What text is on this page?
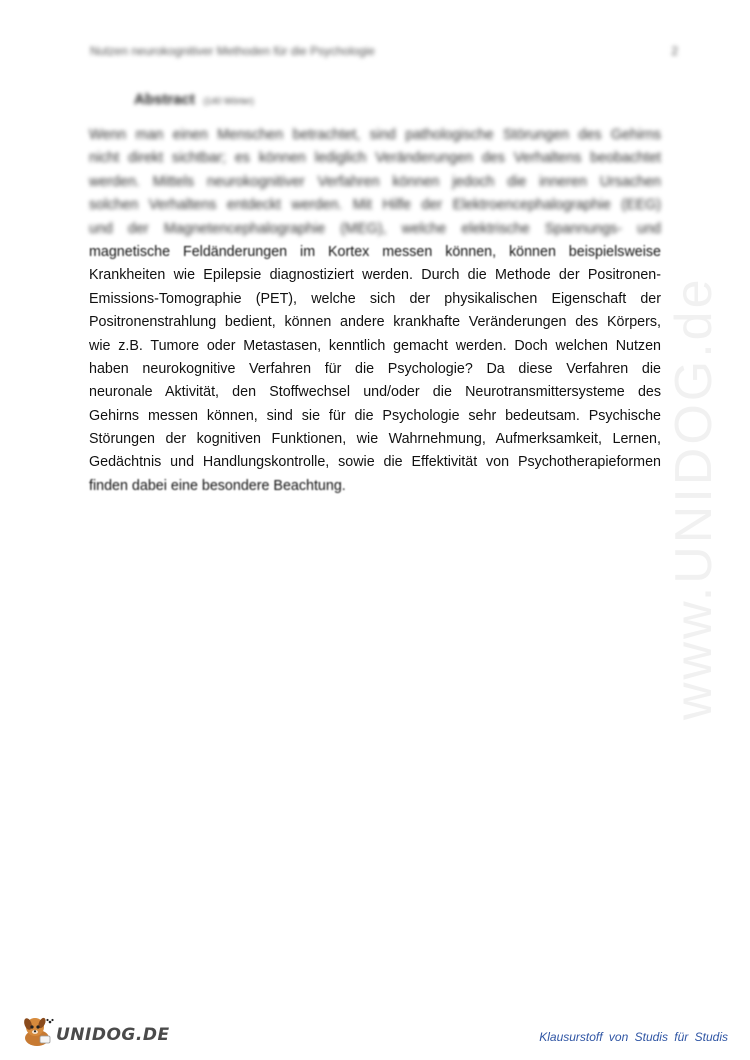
Nutzen neurokognitiver Methoden für die Psychologie	2
Abstract (140 Wörter)
Wenn man einen Menschen betrachtet, sind pathologische Störungen des Gehirns
nicht direkt sichtbar; es können lediglich Veränderungen des Verhaltens beobachtet
werden. Mittels neurokognitiver Verfahren können jedoch die inneren Ursachen
solchen Verhaltens entdeckt werden. Mit Hilfe der Elektroencephalographie (EEG)
und der Magnetencephalographie (MEG), welche elektrische Spannungs- und
magnetische Feldänderungen im Kortex messen können, können beispielsweise
Krankheiten wie Epilepsie diagnostiziert werden. Durch die Methode der Positronen-
Emissions-Tomographie (PET), welche sich der physikalischen Eigenschaft der
Positronenstrahlung bedient, können andere krankhafte Veränderungen des Körpers,
wie z.B. Tumore oder Metastasen, kenntlich gemacht werden. Doch welchen Nutzen
haben neurokognitive Verfahren für die Psychologie? Da diese Verfahren die
neuronale Aktivität, den Stoffwechsel und/oder die Neurotransmittersysteme des
Gehirns messen können, sind sie für die Psychologie sehr bedeutsam. Psychische
Störungen der kognitiven Funktionen, wie Wahrnehmung, Aufmerksamkeit, Lernen,
Gedächtnis und Handlungskontrolle, sowie die Effektivität von Psychotherapieformen
finden dabei eine besondere Beachtung.	www.UNIDOG.de
UNIDOG.DE	Klausurstoff von Studis für Studis
